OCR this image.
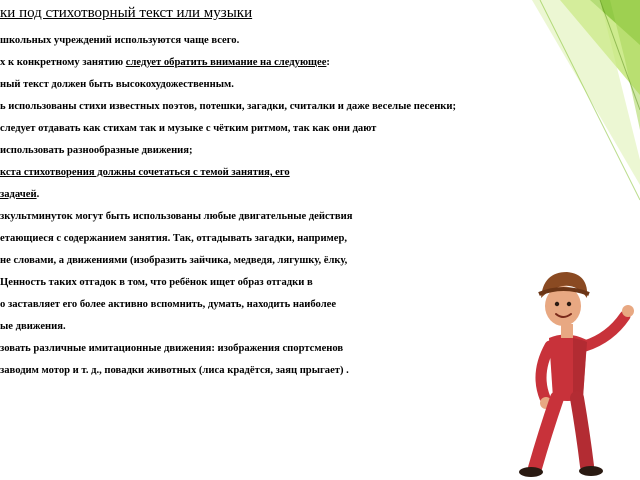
ки под стихотворный текст или музыки

школьных учреждений используются чаще всего.

х к конкретному занятию следует обратить внимание на следующее:

ный текст должен быть высокохудожественным.

ь использованы стихи известных поэтов, потешки, загадки, считалки и даже веселые песенки;

следует отдавать как стихам так и музыке с чётким ритмом, так как они дают

использовать разнообразные движения;

кста стихотворения должны сочетаться с темой занятия, его

задачей.

зкультминуток могут быть использованы любые двигательные действия

етающиеся с содержанием занятия. Так, отгадывать загадки, например,

не словами, а движениями (изобразить зайчика, медведя, лягушку, ёлку,

Ценность таких отгадок в том, что ребёнок ищет образ отгадки в

о заставляет его более активно вспомнить, думать, находить наиболее

ые движения.

зовать различные имитационные движения: изображения спортсменов

заводим мотор и т. д., повадки животных (лиса крадётся, заяц прыгает) .
